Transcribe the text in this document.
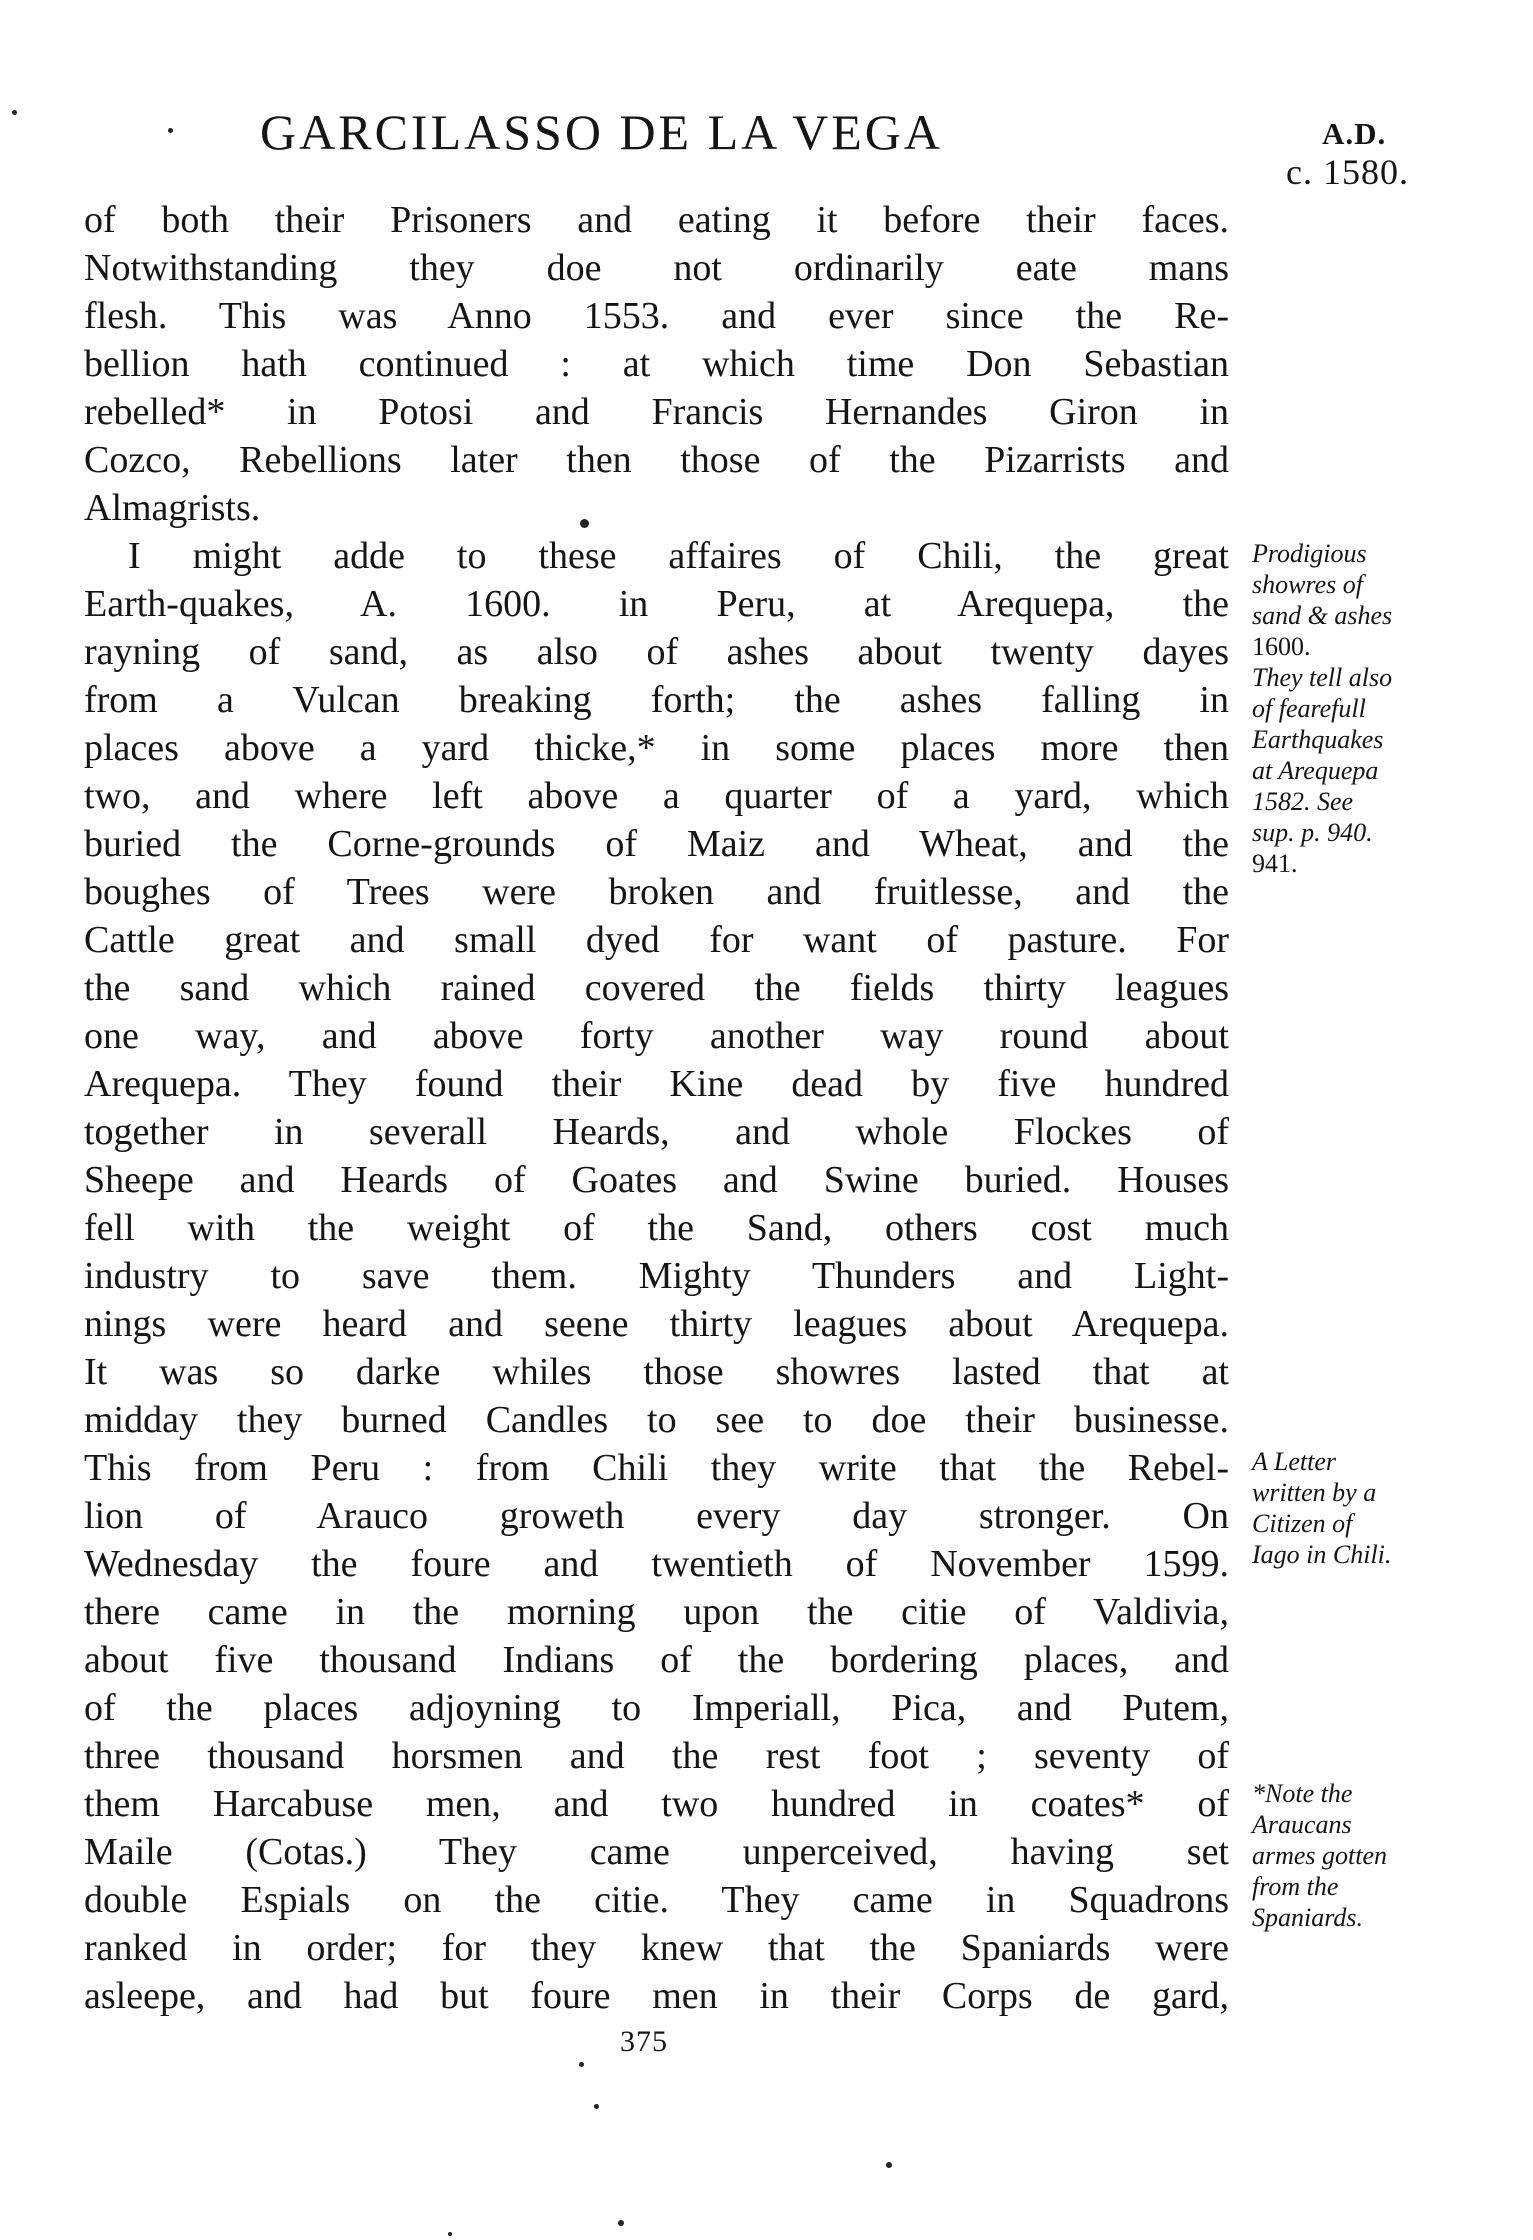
GARCILASSO DE LA VEGA	A.D.
c. 1580.
of both their Prisoners and eating it before their faces.
Notwithstanding they doe not ordinarily eate mans
flesh. This was Anno 1553. and ever since the Re-
bellion hath continued : at which time Don Sebastian
rebelled* in Potosi and Francis Hernandes Giron in
Cozco, Rebellions later then those of the Pizarrists and
Almagrists.
I might adde to these affaires of Chili, the great
Earth-quakes, A. 1600. in Peru, at Arequepa, the
rayning of sand, as also of ashes about twenty dayes
from a Vulcan breaking forth; the ashes falling in
places above a yard thicke,* in some places more then
two, and where left above a quarter of a yard, which
buried the Corne-grounds of Maiz and Wheat, and the
boughes of Trees were broken and fruitlesse, and the
Cattle great and small dyed for want of pasture. For
the sand which rained covered the fields thirty leagues
one way, and above forty another way round about
Arequepa. They found their Kine dead by five hundred
together in severall Heards, and whole Flockes of
Sheepe and Heards of Goates and Swine buried. Houses
fell with the weight of the Sand, others cost much
industry to save them. Mighty Thunders and Light-
nings were heard and seene thirty leagues about Arequepa.
It was so darke whiles those showres lasted that at
midday they burned Candles to see to doe their businesse.
This from Peru : from Chili they write that the Rebel-
lion of Arauco groweth every day stronger. On
Wednesday the foure and twentieth of November 1599.
there came in the morning upon the citie of Valdivia,
about five thousand Indians of the bordering places, and
of the places adjoyning to Imperiall, Pica, and Putem,
three thousand horsmen and the rest foot ; seventy of
them Harcabuse men, and two hundred in coates* of
Maile (Cotas.) They came unperceived, having set
double Espials on the citie. They came in Squadrons
ranked in order; for they knew that the Spaniards were
asleepe, and had but foure men in their Corps de gard,
Prodigious
showres of
sand & ashes
1600.
They tell also
of fearefull
Earthquakes
at Arequepa
1582. See
sup. p. 940.
941.
A Letter
written by a
Citizen of
Iago in Chili.
*Note the
Araucans
armes gotten
from the
Spaniards.
375
